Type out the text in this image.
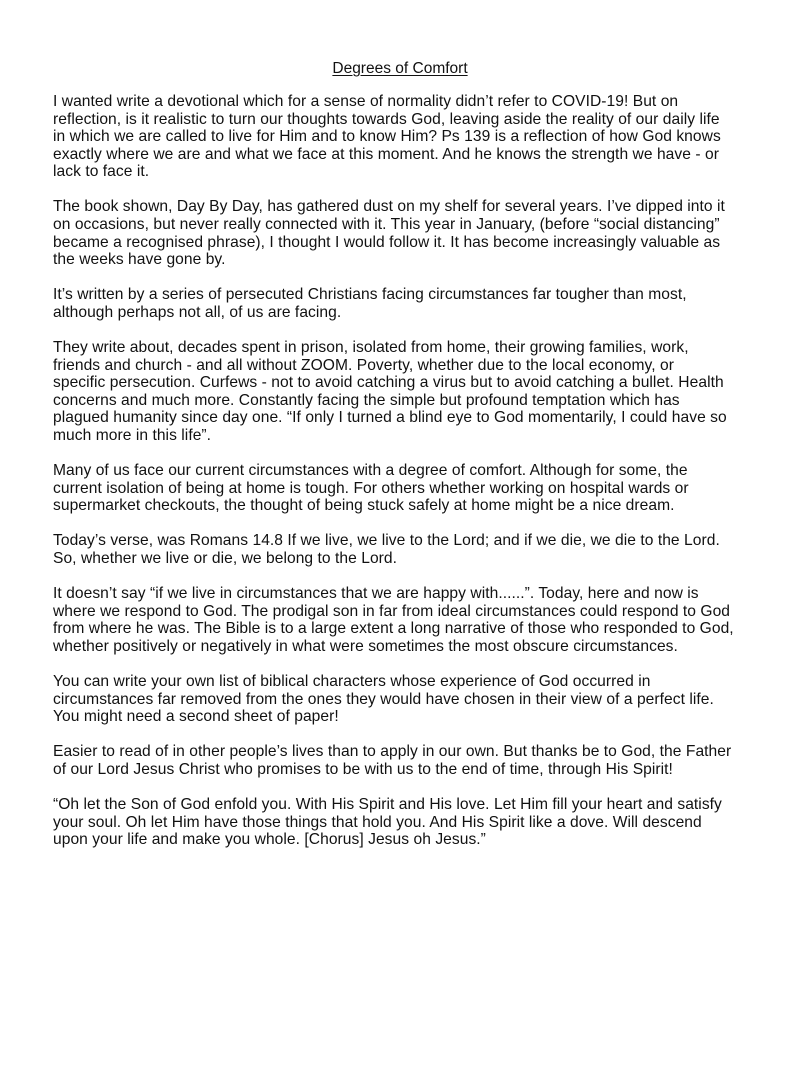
Degrees of Comfort

I wanted write a devotional which for a sense of normality didn’t refer to COVID-19! But on
reflection, is it realistic to turn our thoughts towards God, leaving aside the reality of our daily life
in which we are called to live for Him and to know Him? Ps 139 is a reflection of how God knows
exactly where we are and what we face at this moment. And he knows the strength we have - or
lack to face it.

The book shown, Day By Day, has gathered dust on my shelf for several years. I’ve dipped into it
on occasions, but never really connected with it. This year in January, (before “social distancing”
became a recognised phrase), I thought I would follow it. It has become increasingly valuable as
the weeks have gone by.

It’s written by a series of persecuted Christians facing circumstances far tougher than most,
although perhaps not all, of us are facing.

They write about, decades spent in prison, isolated from home, their growing families, work,
friends and church - and all without ZOOM. Poverty, whether due to the local economy, or
specific persecution. Curfews - not to avoid catching a virus but to avoid catching a bullet. Health
concerns and much more. Constantly facing the simple but profound temptation which has
plagued humanity since day one. “If only I turned a blind eye to God momentarily, I could have so
much more in this life”.

Many of us face our current circumstances with a degree of comfort. Although for some, the
current isolation of being at home is tough. For others whether working on hospital wards or
supermarket checkouts, the thought of being stuck safely at home might be a nice dream.

Today’s verse, was Romans 14.8 If we live, we live to the Lord; and if we die, we die to the Lord.
So, whether we live or die, we belong to the Lord.

It doesn’t say “if we live in circumstances that we are happy with......”. Today, here and now is
where we respond to God. The prodigal son in far from ideal circumstances could respond to God
from where he was. The Bible is to a large extent a long narrative of those who responded to God,
whether positively or negatively in what were sometimes the most obscure circumstances.

You can write your own list of biblical characters whose experience of God occurred in
circumstances far removed from the ones they would have chosen in their view of a perfect life.
You might need a second sheet of paper!

Easier to read of in other people’s lives than to apply in our own. But thanks be to God, the Father
of our Lord Jesus Christ who promises to be with us to the end of time, through His Spirit!

“Oh let the Son of God enfold you. With His Spirit and His love. Let Him fill your heart and satisfy
your soul. Oh let Him have those things that hold you. And His Spirit like a dove. Will descend
upon your life and make you whole. [Chorus] Jesus oh Jesus.”
